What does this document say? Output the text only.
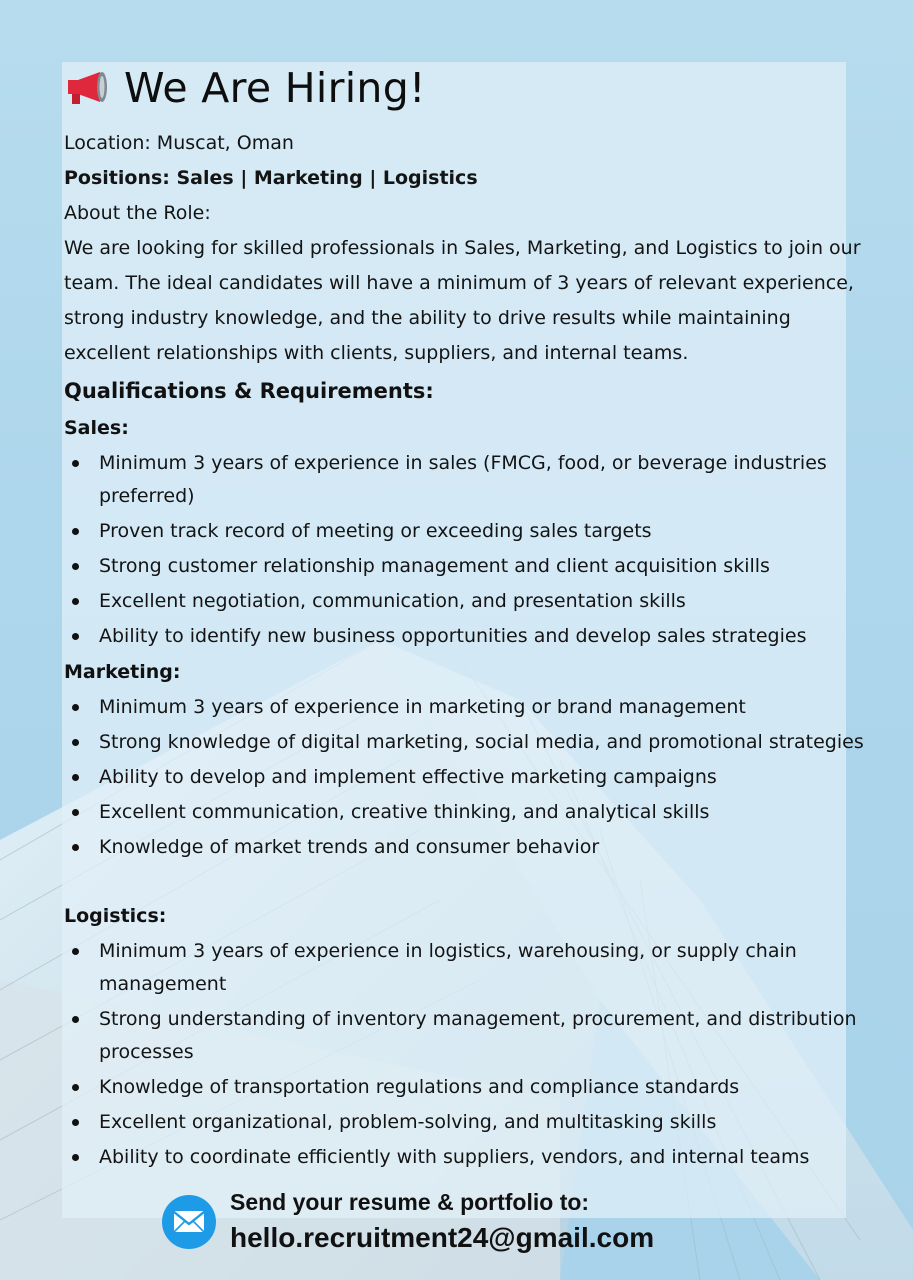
We Are Hiring!
Location: Muscat, Oman
Positions: Sales | Marketing | Logistics
About the Role:

We are looking for skilled professionals in Sales, Marketing, and Logistics to join our team. The ideal candidates will have a minimum of 3 years of relevant experience, strong industry knowledge, and the ability to drive results while maintaining excellent relationships with clients, suppliers, and internal teams.

Qualifications & Requirements:
Sales:
Minimum 3 years of experience in sales (FMCG, food, or beverage industries preferred)
Proven track record of meeting or exceeding sales targets
Strong customer relationship management and client acquisition skills
Excellent negotiation, communication, and presentation skills
Ability to identify new business opportunities and develop sales strategies
Marketing:
Minimum 3 years of experience in marketing or brand management
Strong knowledge of digital marketing, social media, and promotional strategies
Ability to develop and implement effective marketing campaigns
Excellent communication, creative thinking, and analytical skills
Knowledge of market trends and consumer behavior
Logistics:
Minimum 3 years of experience in logistics, warehousing, or supply chain management
Strong understanding of inventory management, procurement, and distribution processes
Knowledge of transportation regulations and compliance standards
Excellent organizational, problem-solving, and multitasking skills
Ability to coordinate efficiently with suppliers, vendors, and internal teams
Send your resume & portfolio to:
hello.recruitment24@gmail.com
